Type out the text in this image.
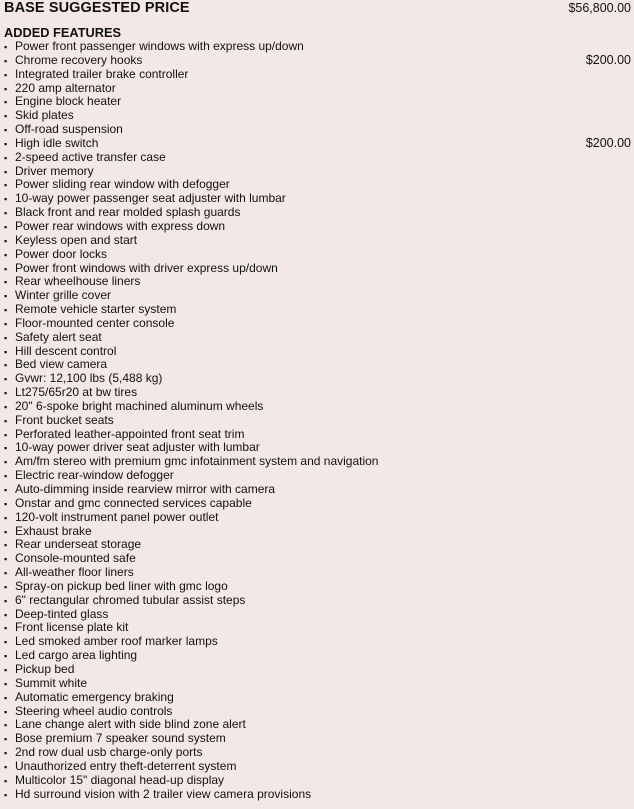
BASE SUGGESTED PRICE	$56,800.00
ADDED FEATURES
▪ Power front passenger windows with express up/down
▪ Chrome recovery hooks	$200.00
▪ Integrated trailer brake controller
▪ 220 amp alternator
▪ Engine block heater
▪ Skid plates
▪ Off-road suspension
▪ High idle switch	$200.00
▪ 2-speed active transfer case
▪ Driver memory
▪ Power sliding rear window with defogger
▪ 10-way power passenger seat adjuster with lumbar
▪ Black front and rear molded splash guards
▪ Power rear windows with express down
▪ Keyless open and start
▪ Power door locks
▪ Power front windows with driver express up/down
▪ Rear wheelhouse liners
▪ Winter grille cover
▪ Remote vehicle starter system
▪ Floor-mounted center console
▪ Safety alert seat
▪ Hill descent control
▪ Bed view camera
▪ Gvwr: 12,100 lbs (5,488 kg)
▪ Lt275/65r20 at bw tires
▪ 20" 6-spoke bright machined aluminum wheels
▪ Front bucket seats
▪ Perforated leather-appointed front seat trim
▪ 10-way power driver seat adjuster with lumbar
▪ Am/fm stereo with premium gmc infotainment system and navigation
▪ Electric rear-window defogger
▪ Auto-dimming inside rearview mirror with camera
▪ Onstar and gmc connected services capable
▪ 120-volt instrument panel power outlet
▪ Exhaust brake
▪ Rear underseat storage
▪ Console-mounted safe
▪ All-weather floor liners
▪ Spray-on pickup bed liner with gmc logo
▪ 6" rectangular chromed tubular assist steps
▪ Deep-tinted glass
▪ Front license plate kit
▪ Led smoked amber roof marker lamps
▪ Led cargo area lighting
▪ Pickup bed
▪ Summit white
▪ Automatic emergency braking
▪ Steering wheel audio controls
▪ Lane change alert with side blind zone alert
▪ Bose premium 7 speaker sound system
▪ 2nd row dual usb charge-only ports
▪ Unauthorized entry theft-deterrent system
▪ Multicolor 15" diagonal head-up display
▪ Hd surround vision with 2 trailer view camera provisions
